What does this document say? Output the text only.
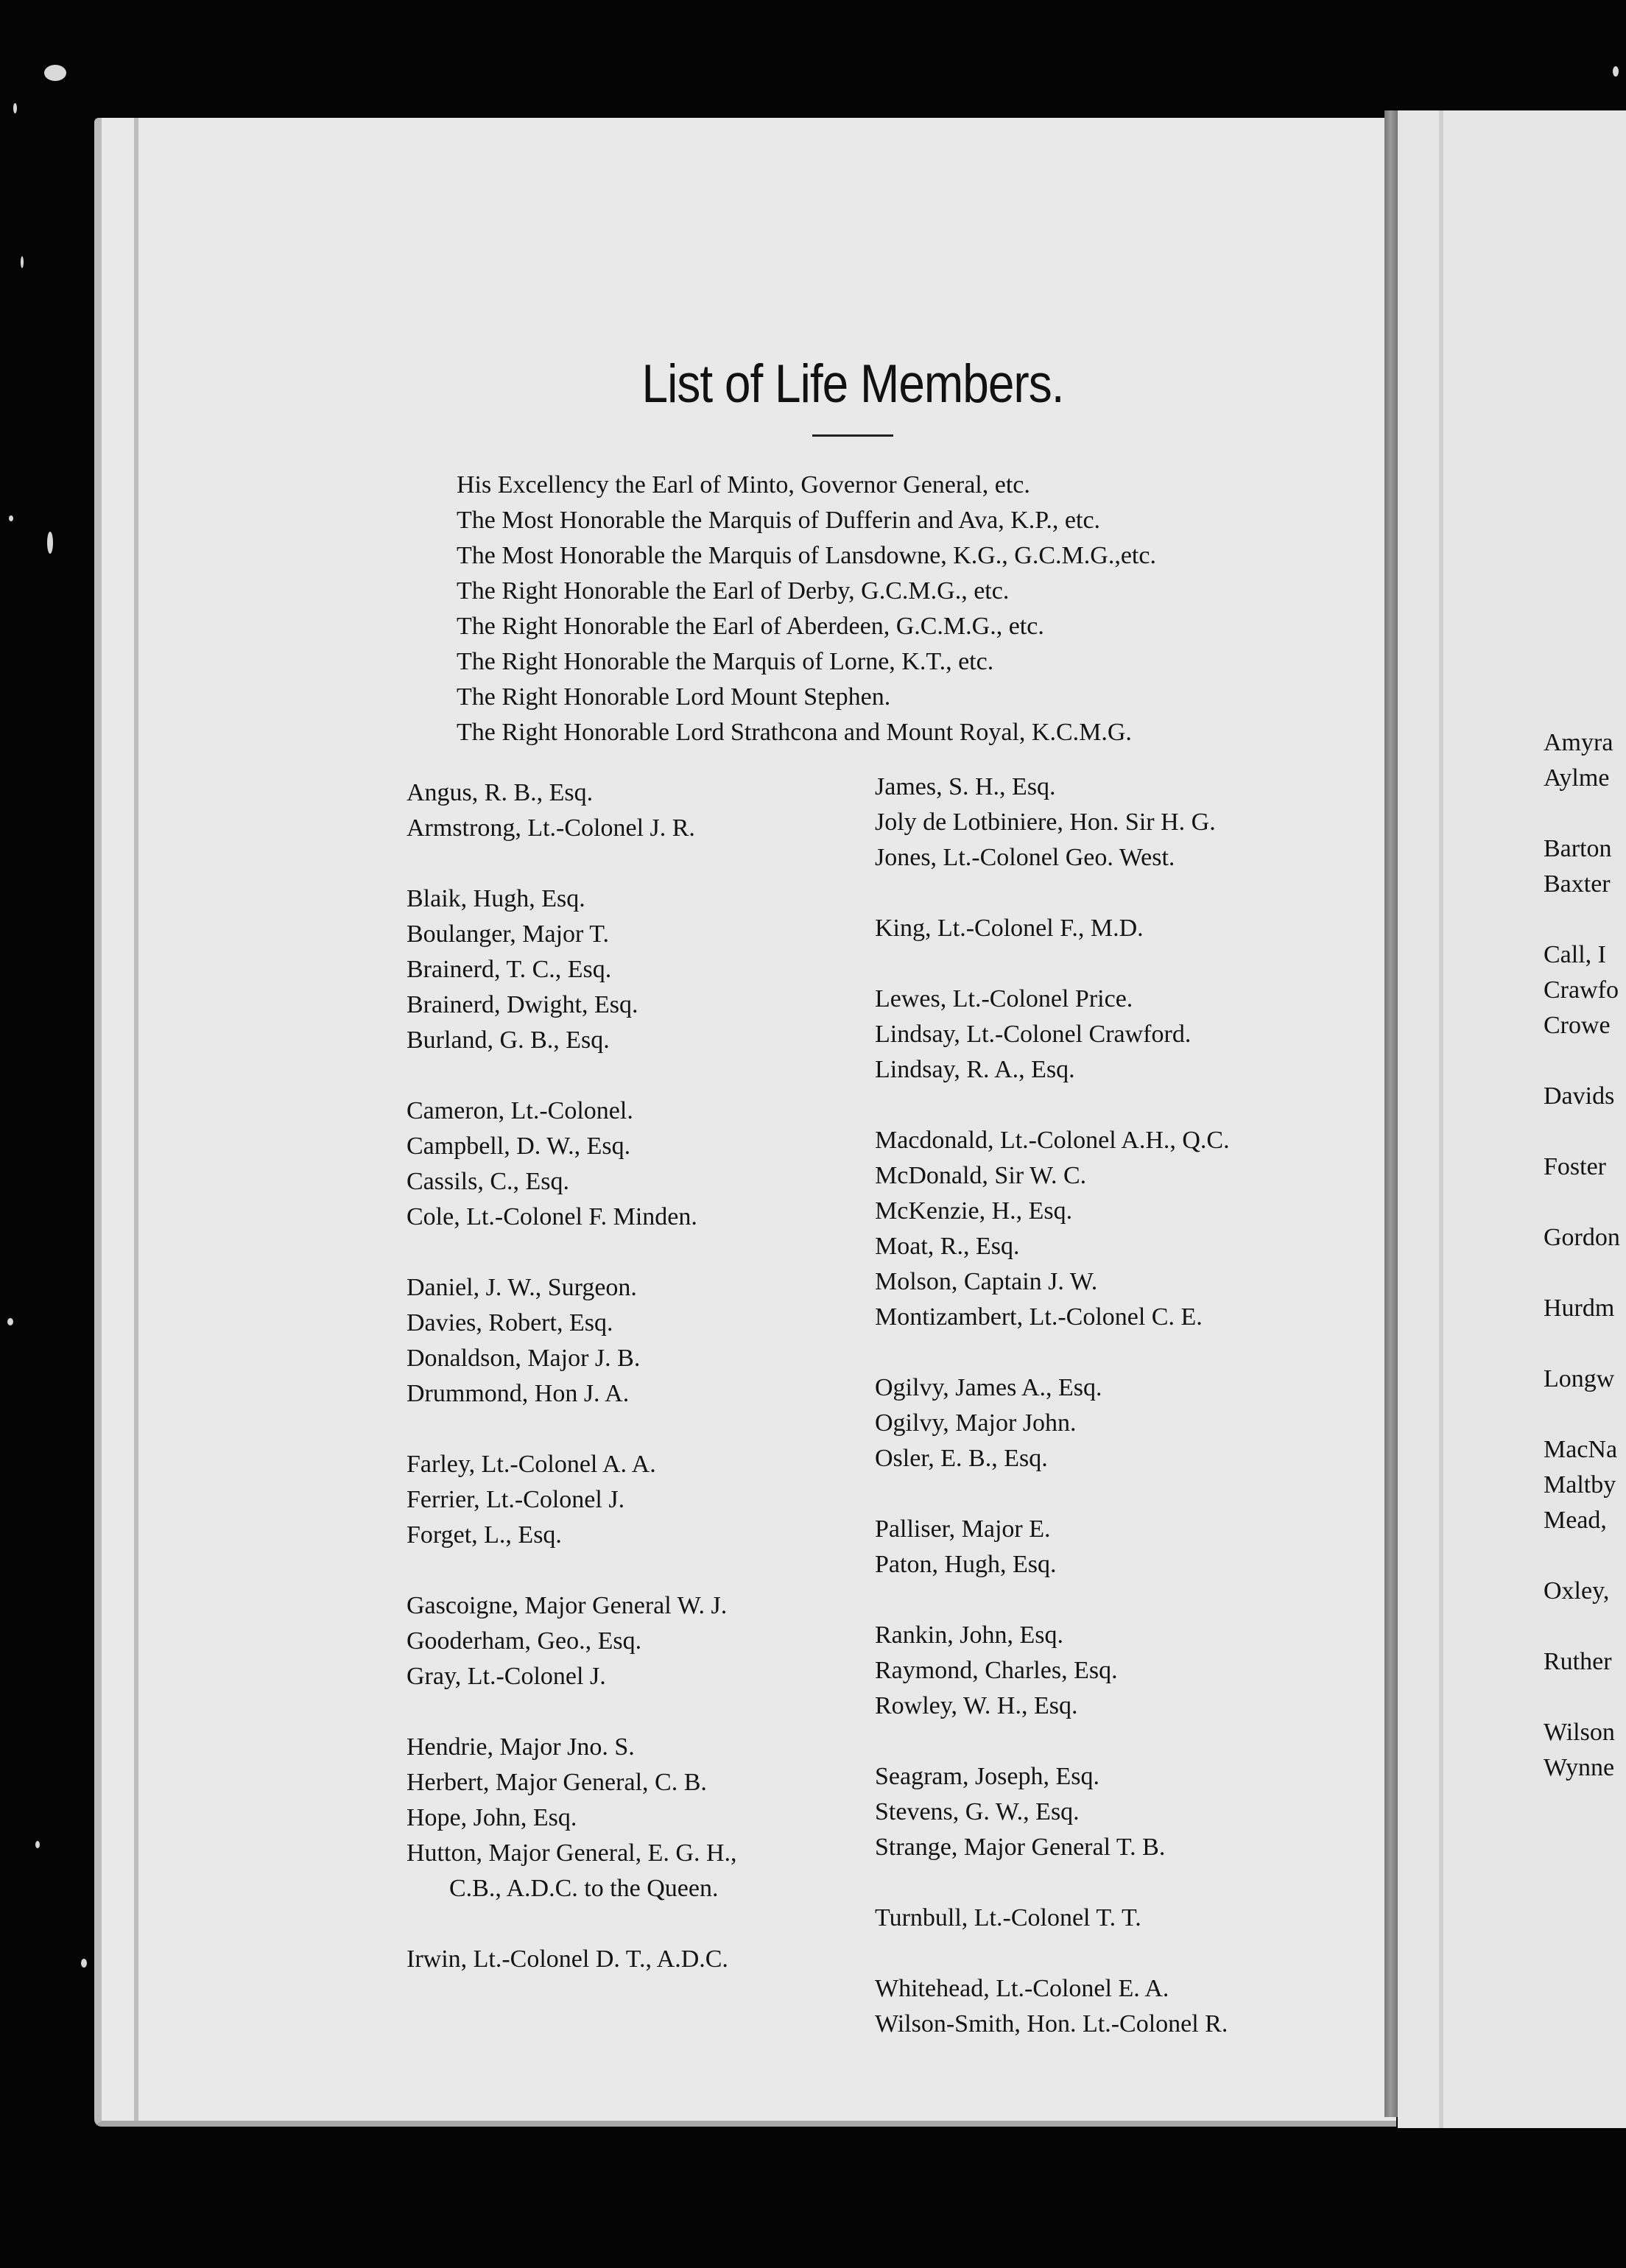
List of Life Members.
His Excellency the Earl of Minto, Governor General, etc.
The Most Honorable the Marquis of Dufferin and Ava, K.P., etc.
The Most Honorable the Marquis of Lansdowne, K.G., G.C.M.G.,etc.
The Right Honorable the Earl of Derby, G.C.M.G., etc.
The Right Honorable the Earl of Aberdeen, G.C.M.G., etc.
The Right Honorable the Marquis of Lorne, K.T., etc.
The Right Honorable Lord Mount Stephen.
The Right Honorable Lord Strathcona and Mount Royal, K.C.M.G.
Angus, R. B., Esq.
Armstrong, Lt.-Colonel J. R.
Blaik, Hugh, Esq.
Boulanger, Major T.
Brainerd, T. C., Esq.
Brainerd, Dwight, Esq.
Burland, G. B., Esq.
Cameron, Lt.-Colonel.
Campbell, D. W., Esq.
Cassils, C., Esq.
Cole, Lt.-Colonel F. Minden.
Daniel, J. W., Surgeon.
Davies, Robert, Esq.
Donaldson, Major J. B.
Drummond, Hon J. A.
Farley, Lt.-Colonel A. A.
Ferrier, Lt.-Colonel J.
Forget, L., Esq.
Gascoigne, Major General W. J.
Gooderham, Geo., Esq.
Gray, Lt.-Colonel J.
Hendrie, Major Jno. S.
Herbert, Major General, C. B.
Hope, John, Esq.
Hutton, Major General, E. G. H.,
C.B., A.D.C. to the Queen.
Irwin, Lt.-Colonel D. T., A.D.C.
James, S. H., Esq.
Joly de Lotbiniere, Hon. Sir H. G.
Jones, Lt.-Colonel Geo. West.
King, Lt.-Colonel F., M.D.
Lewes, Lt.-Colonel Price.
Lindsay, Lt.-Colonel Crawford.
Lindsay, R. A., Esq.
Macdonald, Lt.-Colonel A.H., Q.C.
McDonald, Sir W. C.
McKenzie, H., Esq.
Moat, R., Esq.
Molson, Captain J. W.
Montizambert, Lt.-Colonel C. E.
Ogilvy, James A., Esq.
Ogilvy, Major John.
Osler, E. B., Esq.
Palliser, Major E.
Paton, Hugh, Esq.
Rankin, John, Esq.
Raymond, Charles, Esq.
Rowley, W. H., Esq.
Seagram, Joseph, Esq.
Stevens, G. W., Esq.
Strange, Major General T. B.
Turnbull, Lt.-Colonel T. T.
Whitehead, Lt.-Colonel E. A.
Wilson-Smith, Hon. Lt.-Colonel R.
Amyra
Aylme
Barton
Baxter
Call, I
Crawfo
Crowe
Davids
Foster
Gordon
Hurdm
Longw
MacNa
Maltby
Mead,
Oxley,
Ruther
Wilson
Wynne
